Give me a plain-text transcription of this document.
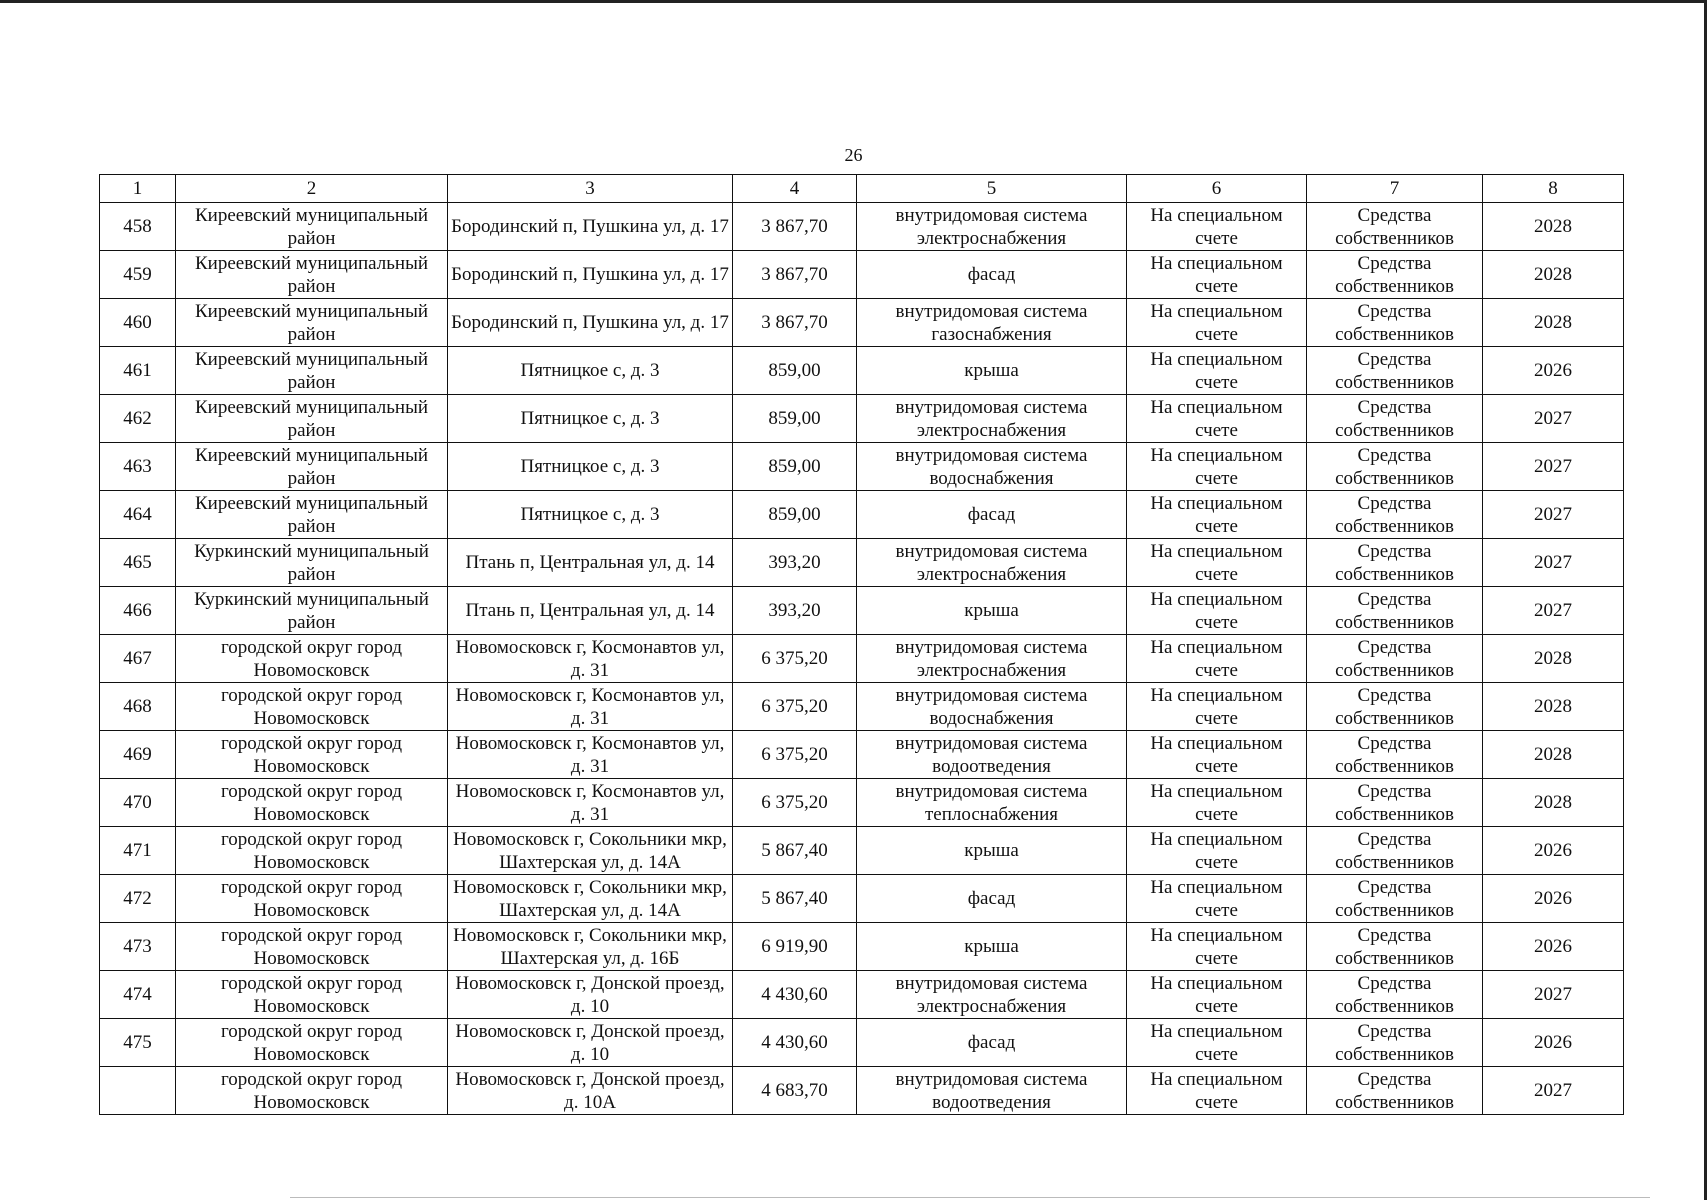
26
1	2	3	4	5	6	7	8
458	Киреевский муниципальный район	Бородинский п, Пушкина ул, д. 17	3 867,70	внутридомовая система электроснабжения	На специальном счете	Средства собственников	2028
459	Киреевский муниципальный район	Бородинский п, Пушкина ул, д. 17	3 867,70	фасад	На специальном счете	Средства собственников	2028
460	Киреевский муниципальный район	Бородинский п, Пушкина ул, д. 17	3 867,70	внутридомовая система газоснабжения	На специальном счете	Средства собственников	2028
461	Киреевский муниципальный район	Пятницкое с, д. 3	859,00	крыша	На специальном счете	Средства собственников	2026
462	Киреевский муниципальный район	Пятницкое с, д. 3	859,00	внутридомовая система электроснабжения	На специальном счете	Средства собственников	2027
463	Киреевский муниципальный район	Пятницкое с, д. 3	859,00	внутридомовая система водоснабжения	На специальном счете	Средства собственников	2027
464	Киреевский муниципальный район	Пятницкое с, д. 3	859,00	фасад	На специальном счете	Средства собственников	2027
465	Куркинский муниципальный район	Птань п, Центральная ул, д. 14	393,20	внутридомовая система электроснабжения	На специальном счете	Средства собственников	2027
466	Куркинский муниципальный район	Птань п, Центральная ул, д. 14	393,20	крыша	На специальном счете	Средства собственников	2027
467	городской округ город Новомосковск	Новомосковск г, Космонавтов ул, д. 31	6 375,20	внутридомовая система электроснабжения	На специальном счете	Средства собственников	2028
468	городской округ город Новомосковск	Новомосковск г, Космонавтов ул, д. 31	6 375,20	внутридомовая система водоснабжения	На специальном счете	Средства собственников	2028
469	городской округ город Новомосковск	Новомосковск г, Космонавтов ул, д. 31	6 375,20	внутридомовая система водоотведения	На специальном счете	Средства собственников	2028
470	городской округ город Новомосковск	Новомосковск г, Космонавтов ул, д. 31	6 375,20	внутридомовая система теплоснабжения	На специальном счете	Средства собственников	2028
471	городской округ город Новомосковск	Новомосковск г, Сокольники мкр, Шахтерская ул, д. 14А	5 867,40	крыша	На специальном счете	Средства собственников	2026
472	городской округ город Новомосковск	Новомосковск г, Сокольники мкр, Шахтерская ул, д. 14А	5 867,40	фасад	На специальном счете	Средства собственников	2026
473	городской округ город Новомосковск	Новомосковск г, Сокольники мкр, Шахтерская ул, д. 16Б	6 919,90	крыша	На специальном счете	Средства собственников	2026
474	городской округ город Новомосковск	Новомосковск г, Донской проезд, д. 10	4 430,60	внутридомовая система электроснабжения	На специальном счете	Средства собственников	2027
475	городской округ город Новомосковск	Новомосковск г, Донской проезд, д. 10	4 430,60	фасад	На специальном счете	Средства собственников	2026
	городской округ город Новомосковск	Новомосковск г, Донской проезд, д. 10А	4 683,70	внутридомовая система водоотведения	На специальном счете	Средства собственников	2027
